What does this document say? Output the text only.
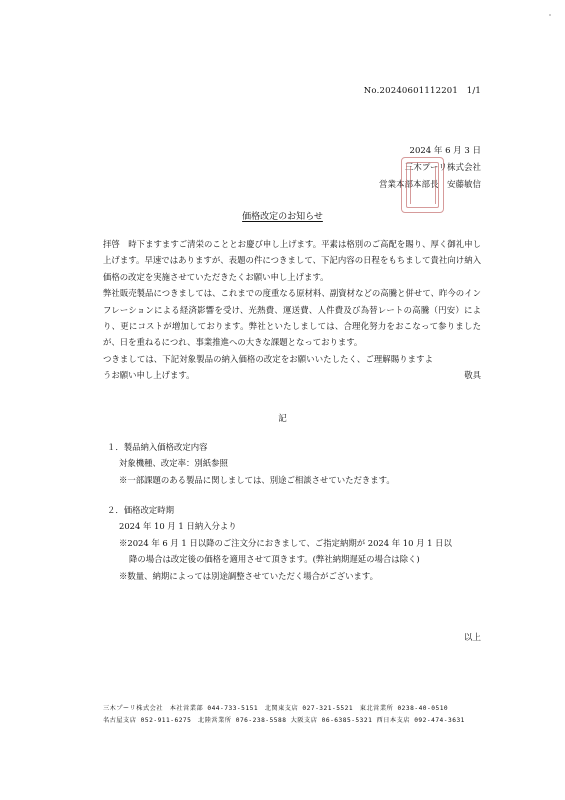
No.20240601112201　1/1
2024 年 6 月 3 日
三木プーリ株式会社
営業本部本部長　安藤敏信
価格改定のお知らせ

拝啓　時下ますますご清栄のこととお慶び申し上げます。平素は格別のご高配を賜り、厚く御礼申し上げます。早速ではありますが、表題の件につきまして、下記内容の日程をもちまして貴社向け納入価格の改定を実施させていただきたくお願い申し上げます。

弊社販売製品につきましては、これまでの度重なる原材料、副資材などの高騰と併せて、昨今のインフレーションによる経済影響を受け、光熱費、運送費、人件費及び為替レートの高騰（円安）により、更にコストが増加しております。弊社といたしましては、合理化努力をおこなって参りましたが、日を重ねるにつれ、事業推進への大きな課題となっております。

つきましては、下記対象製品の納入価格の改定をお願いいたしたく、ご理解賜りますようお願い申し上げます。	敬具

記

１．製品納入価格改定内容

対象機種、改定率：別紙参照

※一部課題のある製品に関しましては、別途ご相談させていただきます。

２．価格改定時期

2024 年 10 月 1 日納入分より

※2024 年 6 月 1 日以降のご注文分におきまして、ご指定納期が 2024 年 10 月 1 日以

降の場合は改定後の価格を適用させて頂きます。(弊社納期遅延の場合は除く)

※数量、納期によっては別途調整させていただく場合がございます。

以上
三木プーリ株式会社　本社営業部 044-733-5151　北関東支店 027-321-5521　東北営業所 0238-40-0510
名古屋支店 052-911-6275　北陸営業所 076-238-5588 大阪支店 06-6385-5321 西日本支店 092-474-3631
